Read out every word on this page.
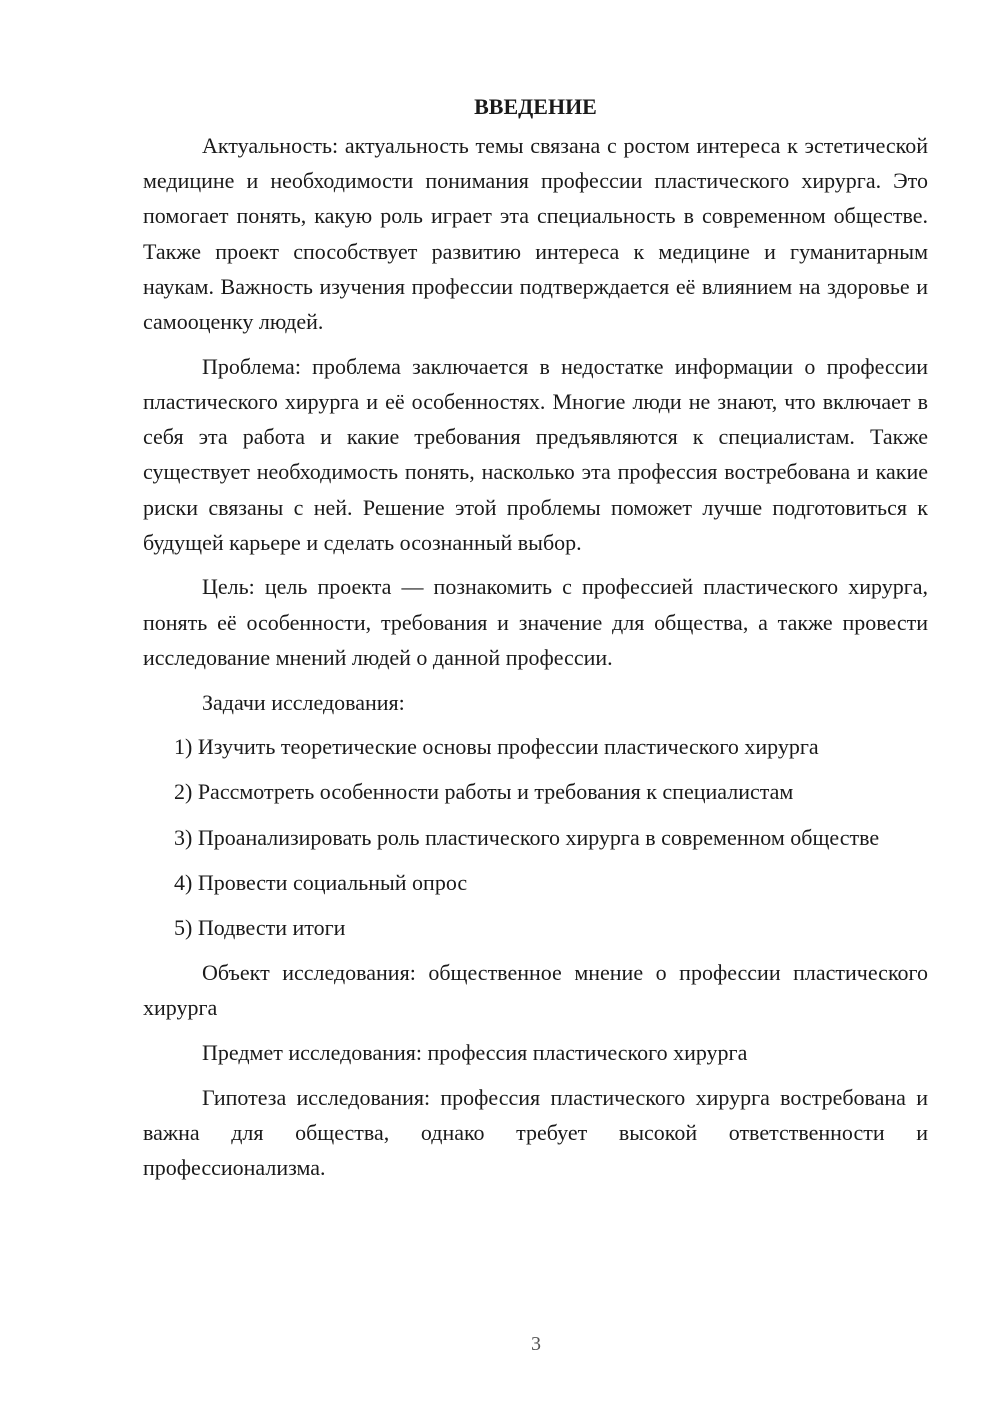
ВВЕДЕНИЕ

Актуальность: актуальность темы связана с ростом интереса к эстетической медицине и необходимости понимания профессии пластического хирурга. Это помогает понять, какую роль играет эта специальность в современном обществе. Также проект способствует развитию интереса к медицине и гуманитарным наукам. Важность изучения профессии подтверждается её влиянием на здоровье и самооценку людей.

Проблема: проблема заключается в недостатке информации о профессии пластического хирурга и её особенностях. Многие люди не знают, что включает в себя эта работа и какие требования предъявляются к специалистам. Также существует необходимость понять, насколько эта профессия востребована и какие риски связаны с ней. Решение этой проблемы поможет лучше подготовиться к будущей карьере и сделать осознанный выбор.

Цель: цель проекта — познакомить с профессией пластического хирурга, понять её особенности, требования и значение для общества, а также провести исследование мнений людей о данной профессии.

Задачи исследования:

1) Изучить теоретические основы профессии пластического хирурга

2) Рассмотреть особенности работы и требования к специалистам

3) Проанализировать роль пластического хирурга в современном обществе

4) Провести социальный опрос

5) Подвести итоги

Объект исследования: общественное мнение о профессии пластического хирурга

Предмет исследования: профессия пластического хирурга

Гипотеза исследования: профессия пластического хирурга востребована и важна для общества, однако требует высокой ответственности и профессионализма.

3
